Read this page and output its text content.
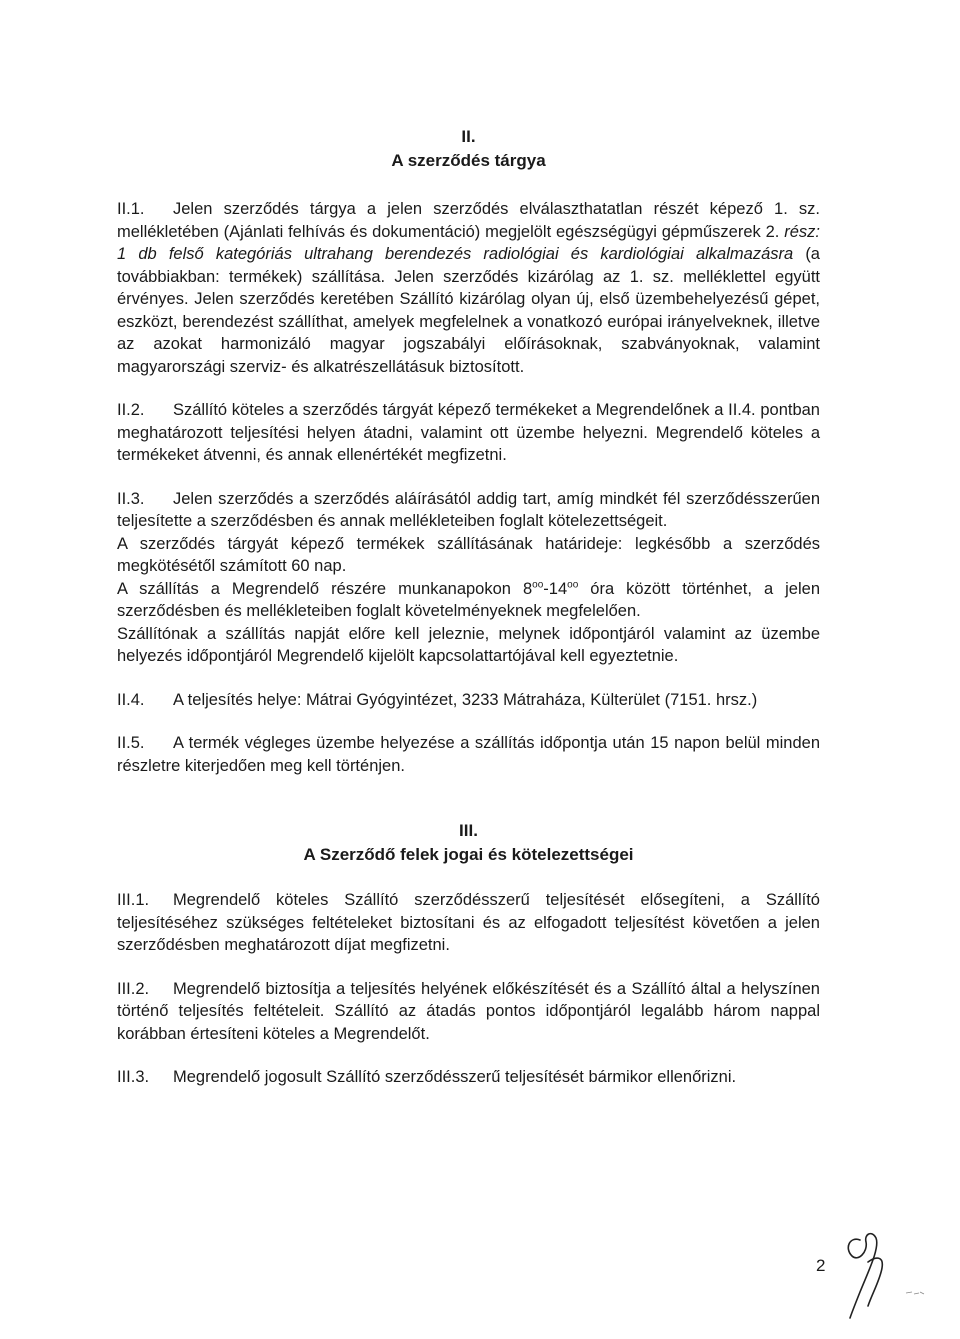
II.
A szerződés tárgya

II.1. Jelen szerződés tárgya a jelen szerződés elválaszthatatlan részét képező 1. sz. mellékletében (Ajánlati felhívás és dokumentáció) megjelölt egészségügyi gépműszerek 2. rész: 1 db felső kategóriás ultrahang berendezés radiológiai és kardiológiai alkalmazásra (a továbbiakban: termékek) szállítása. Jelen szerződés kizárólag az 1. sz. melléklettel együtt érvényes. Jelen szerződés keretében Szállító kizárólag olyan új, első üzembehelyezésű gépet, eszközt, berendezést szállíthat, amelyek megfelelnek a vonatkozó európai irányelveknek, illetve az azokat harmonizáló magyar jogszabályi előírásoknak, szabványoknak, valamint magyarországi szerviz- és alkatrészellátásuk biztosított.

II.2. Szállító köteles a szerződés tárgyát képező termékeket a Megrendelőnek a II.4. pontban meghatározott teljesítési helyen átadni, valamint ott üzembe helyezni. Megrendelő köteles a termékeket átvenni, és annak ellenértékét megfizetni.

II.3. Jelen szerződés a szerződés aláírásától addig tart, amíg mindkét fél szerződésszerűen teljesítette a szerződésben és annak mellékleteiben foglalt kötelezettségeit.

A szerződés tárgyát képező termékek szállításának határideje: legkésőbb a szerződés megkötésétől számított 60 nap.

A szállítás a Megrendelő részére munkanapokon $8^{oo}-14^{oo}$ óra között történhet, a jelen szerződésben és mellékleteiben foglalt követelményeknek megfelelően.

Szállítónak a szállítás napját előre kell jeleznie, melynek időpontjáról valamint az üzembe helyezés időpontjáról Megrendelő kijelölt kapcsolattartójával kell egyeztetnie.

II.4. A teljesítés helye: Mátrai Gyógyintézet, 3233 Mátraháza, Külterület (7151. hrsz.)

II.5. A termék végleges üzembe helyezése a szállítás időpontja után 15 napon belül minden részletre kiterjedően meg kell történjen.

III.
A Szerződő felek jogai és kötelezettségei

III.1. Megrendelő köteles Szállító szerződésszerű teljesítését elősegíteni, a Szállító teljesítéséhez szükséges feltételeket biztosítani és az elfogadott teljesítést követően a jelen szerződésben meghatározott díjat megfizetni.

III.2. Megrendelő biztosítja a teljesítés helyének előkészítését és a Szállító által a helyszínen történő teljesítés feltételeit. Szállító az átadás pontos időpontjáról legalább három nappal korábban értesíteni köteles a Megrendelőt.

III.3. Megrendelő jogosult Szállító szerződésszerű teljesítését bármikor ellenőrizni.

2
